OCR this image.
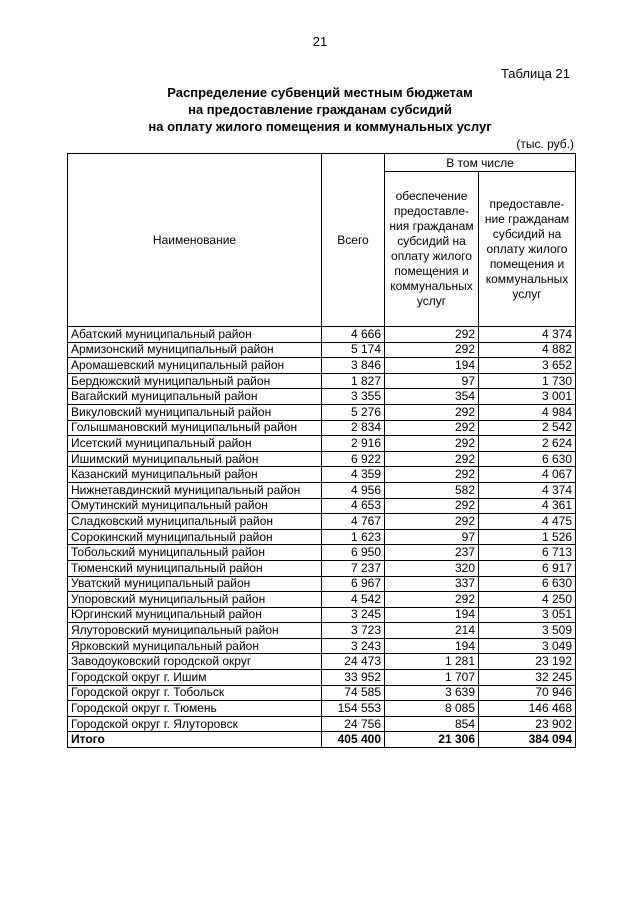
21
Таблица 21
Распределение субвенций местным бюджетам
на предоставление гражданам субсидий
на оплату жилого помещения и коммунальных услуг
(тыс. руб.)
Наименование	Всего	В том числе	
		обеспечение предоставле-ния гражданам субсидий на оплату жилого помещения и коммунальных услуг	предоставле-ние гражданам субсидий на оплату жилого помещения и коммунальных услуг
Абатский муниципальный район	4 666	292	4 374
Армизонский муниципальный район	5 174	292	4 882
Аромашевский муниципальный район	3 846	194	3 652
Бердюжский муниципальный район	1 827	97	1 730
Вагайский муниципальный район	3 355	354	3 001
Викуловский муниципальный район	5 276	292	4 984
Голышмановский муниципальный район	2 834	292	2 542
Исетский муниципальный район	2 916	292	2 624
Ишимский муниципальный район	6 922	292	6 630
Казанский муниципальный район	4 359	292	4 067
Нижнетавдинский муниципальный район	4 956	582	4 374
Омутинский муниципальный район	4 653	292	4 361
Сладковский муниципальный район	4 767	292	4 475
Сорокинский муниципальный район	1 623	97	1 526
Тобольский муниципальный район	6 950	237	6 713
Тюменский муниципальный район	7 237	320	6 917
Уватский муниципальный район	6 967	337	6 630
Упоровский муниципальный район	4 542	292	4 250
Юргинский муниципальный район	3 245	194	3 051
Ялуторовский муниципальный район	3 723	214	3 509
Ярковский муниципальный район	3 243	194	3 049
Заводоуковский городской округ	24 473	1 281	23 192
Городской округ г. Ишим	33 952	1 707	32 245
Городской округ г. Тобольск	74 585	3 639	70 946
Городской округ г. Тюмень	154 553	8 085	146 468
Городской округ г. Ялуторовск	24 756	854	23 902
Итого	405 400	21 306	384 094
